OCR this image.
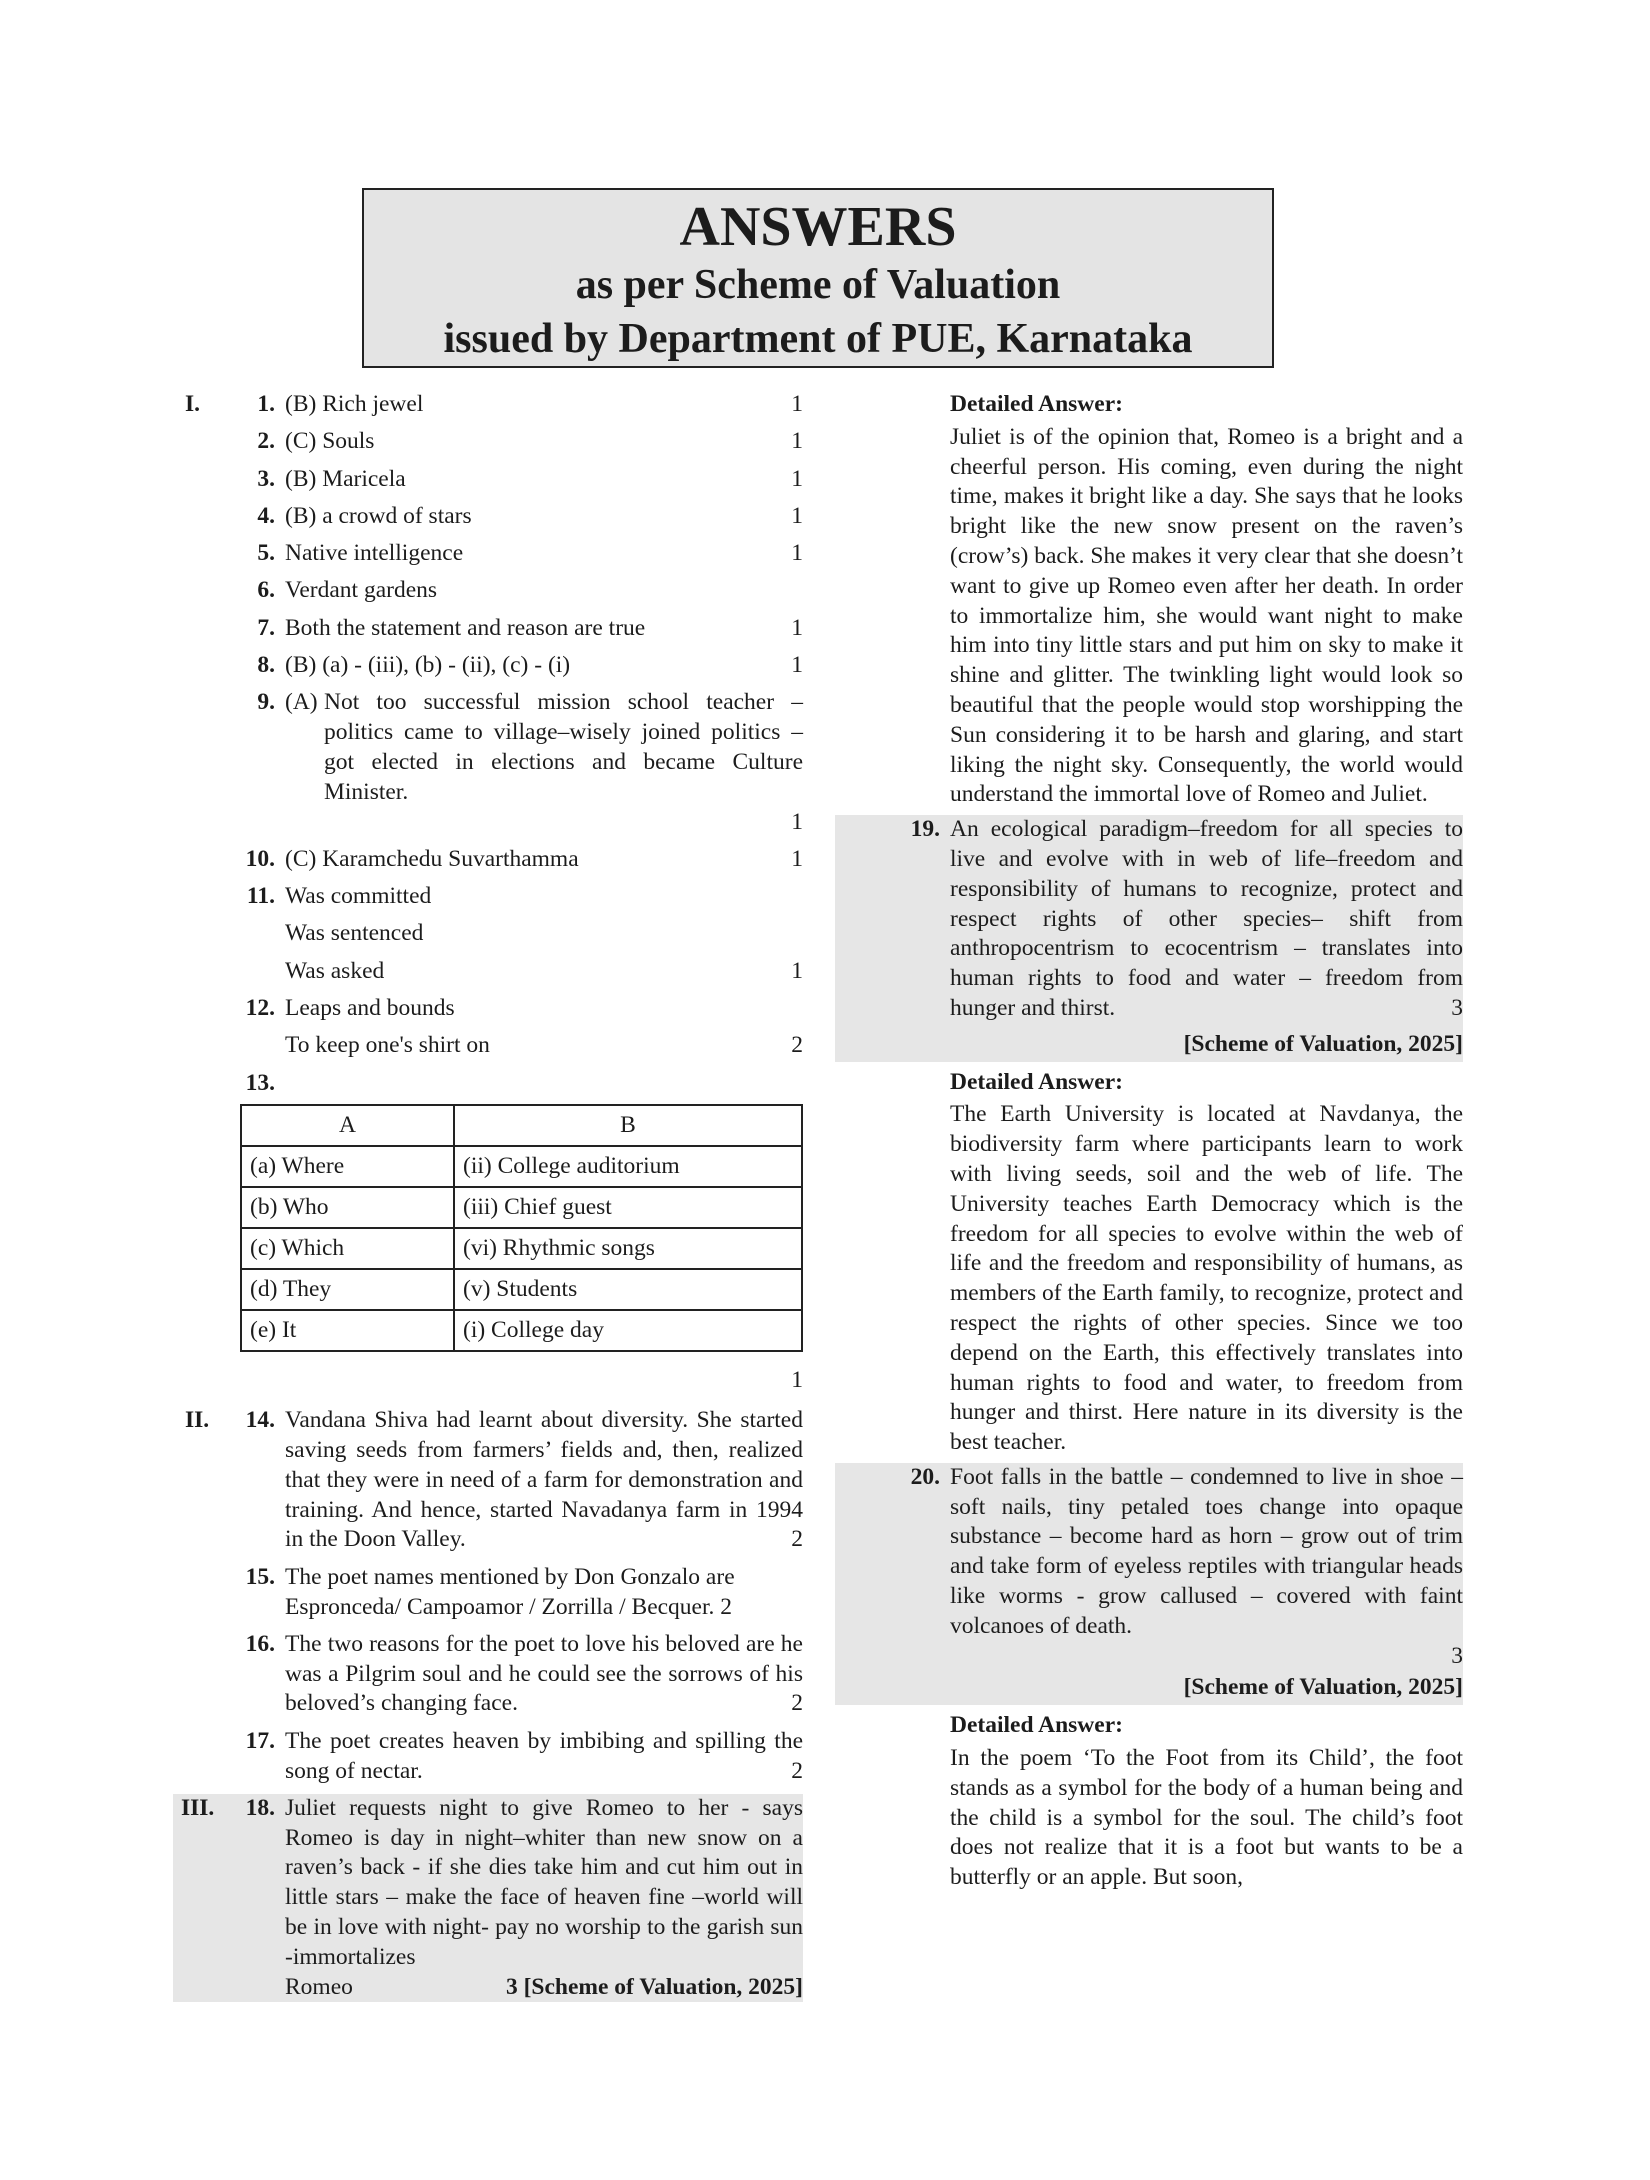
ANSWERS
as per Scheme of Valuation
issued by Department of PUE, Karnataka
I.	1. (B) Rich jewel	1
2. (C) Souls	1
3. (B) Maricela	1
4. (B) a crowd of stars	1
5. Native intelligence	1
6. Verdant gardens
7. Both the statement and reason are true	1
8. (B) (a) - (iii), (b) - (ii), (c) - (i)	1
9. (A) Not too successful mission school teacher –politics came to village–wisely joined politics – got elected in elections and became Culture Minister.
1
10. (C) Karamchedu Suvarthamma	1
11. Was committed
Was sentenced
Was asked	1
12. Leaps and bounds
To keep one's shirt on	2
13.
A	B
(a) Where	(ii) College auditorium
(b) Who	(iii) Chief guest
(c) Which	(vi) Rhythmic songs
(d) They	(v) Students
(e) It	(i) College day
1
II.	14. Vandana Shiva had learnt about diversity. She started saving seeds from farmers’ fields and, then, realized that they were in need of a farm for demonstration and training. And hence, started Navadanya farm in 1994 in the Doon Valley.	2
15. The poet names mentioned by Don Gonzalo are Espronceda/ Campoamor / Zorrilla / Becquer. 2
16. The two reasons for the poet to love his beloved are he was a Pilgrim soul and he could see the sorrows of his beloved’s changing face.	2
17. The poet creates heaven by imbibing and spilling the song of nectar.	2
III.	18. Juliet requests night to give Romeo to her - says Romeo is day in night–whiter than new snow on a raven’s back - if she dies take him and cut him out in little stars – make the face of heaven fine –world will be in love with night- pay no worship to the garish sun -immortalizes
Romeo	3 [Scheme of Valuation, 2025]
Detailed Answer:
Juliet is of the opinion that, Romeo is a bright and a cheerful person. His coming, even during the night time, makes it bright like a day. She says that he looks bright like the new snow present on the raven’s (crow’s) back. She makes it very clear that she doesn’t want to give up Romeo even after her death. In order to immortalize him, she would want night to make him into tiny little stars and put him on sky to make it shine and glitter. The twinkling light would look so beautiful that the people would stop worshipping the Sun considering it to be harsh and glaring, and start liking the night sky. Consequently, the world would understand the immortal love of Romeo and Juliet.
19. An ecological paradigm–freedom for all species to live and evolve with in web of life–freedom and responsibility of humans to recognize, protect and respect rights of other species– shift from anthropocentrism to ecocentrism – translates into human rights to food and water – freedom from hunger and thirst.	3
[Scheme of Valuation, 2025]
Detailed Answer:
The Earth University is located at Navdanya, the biodiversity farm where participants learn to work with living seeds, soil and the web of life. The University teaches Earth Democracy which is the freedom for all species to evolve within the web of life and the freedom and responsibility of humans, as members of the Earth family, to recognize, protect and respect the rights of other species. Since we too depend on the Earth, this effectively translates into human rights to food and water, to freedom from hunger and thirst. Here nature in its diversity is the best teacher.
20. Foot falls in the battle – condemned to live in shoe – soft nails, tiny petaled toes change into opaque substance – become hard as horn – grow out of trim and take form of eyeless reptiles with triangular heads like worms - grow callused – covered with faint volcanoes of death.
3
[Scheme of Valuation, 2025]
Detailed Answer:
In the poem ‘To the Foot from its Child’, the foot stands as a symbol for the body of a human being and the child is a symbol for the soul. The child’s foot does not realize that it is a foot but wants to be a butterfly or an apple. But soon,
